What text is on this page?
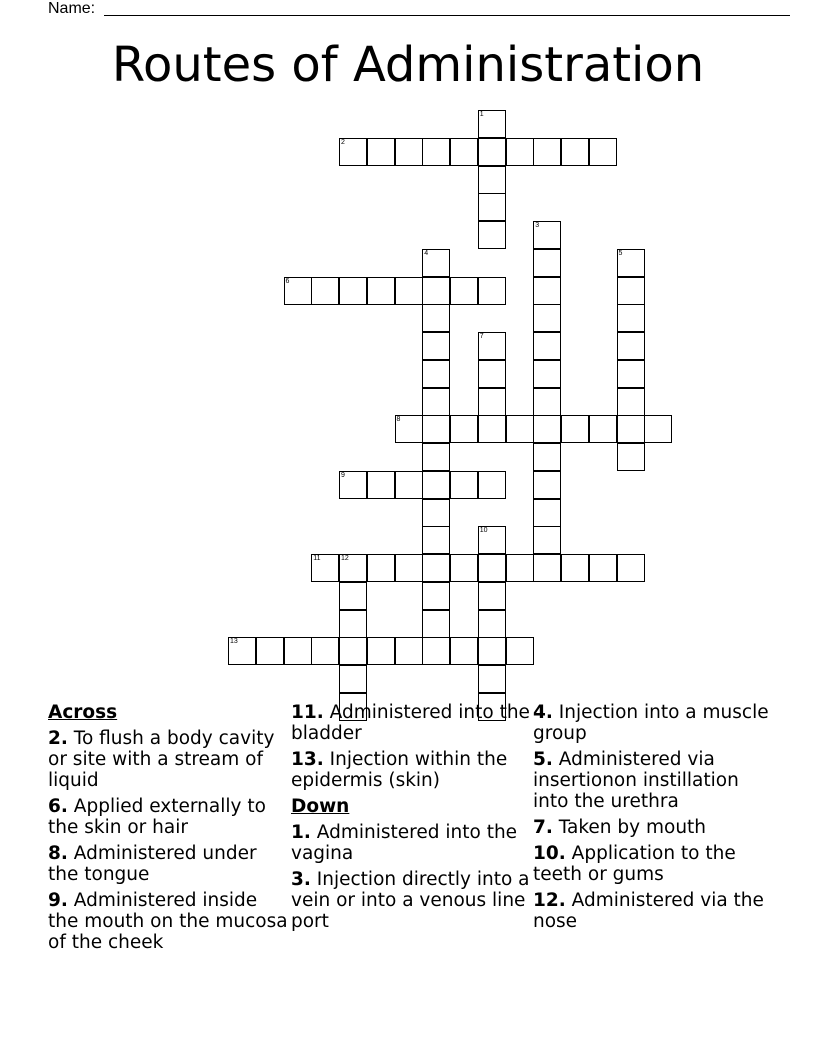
Name:
Routes of Administration
1
2
3
4	5
6
7
8
9
10
11	12
13
Across
2. To flush a body cavity or site with a stream of liquid
6. Applied externally to the skin or hair
8. Administered under the tongue
9. Administered inside the mouth on the mucosa of the cheek
11. Administered into the bladder
13. Injection within the epidermis (skin)
Down
1. Administered into the vagina
3. Injection directly into a vein or into a venous line port
4. Injection into a muscle group
5. Administered via insertionon instillation into the urethra
7. Taken by mouth
10. Application to the teeth or gums
12. Administered via the nose
